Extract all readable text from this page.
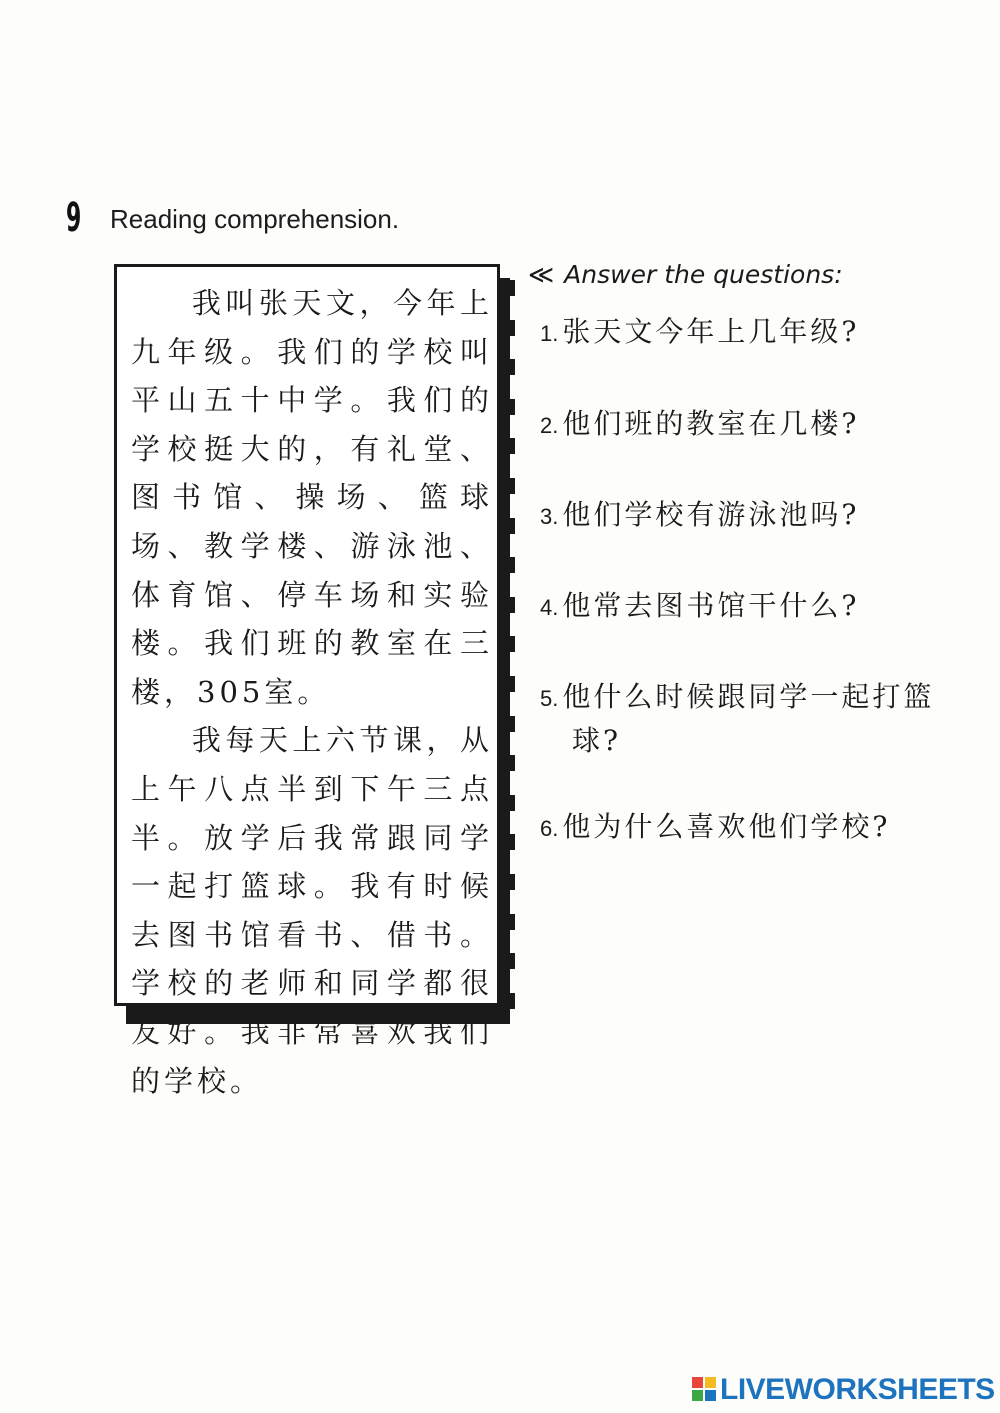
9 Reading comprehension.

我叫张天文，今年上九年级。我们的学校叫平山五十中学。我们的学校挺大的，有礼堂、图书馆、操场、篮球场、教学楼、游泳池、体育馆、停车场和实验楼。我们班的教室在三楼，305室。

我每天上六节课，从上午八点半到下午三点半。放学后我常跟同学一起打篮球。我有时候去图书馆看书、借书。学校的老师和同学都很友好。我非常喜欢我们的学校。

≪ Answer the questions:
1. 张天文今年上几年级?
2. 他们班的教室在几楼?
3. 他们学校有游泳池吗?
4. 他常去图书馆干什么?
5. 他什么时候跟同学一起打篮球?
6. 他为什么喜欢他们学校?
LIVEWORKSHEETS
